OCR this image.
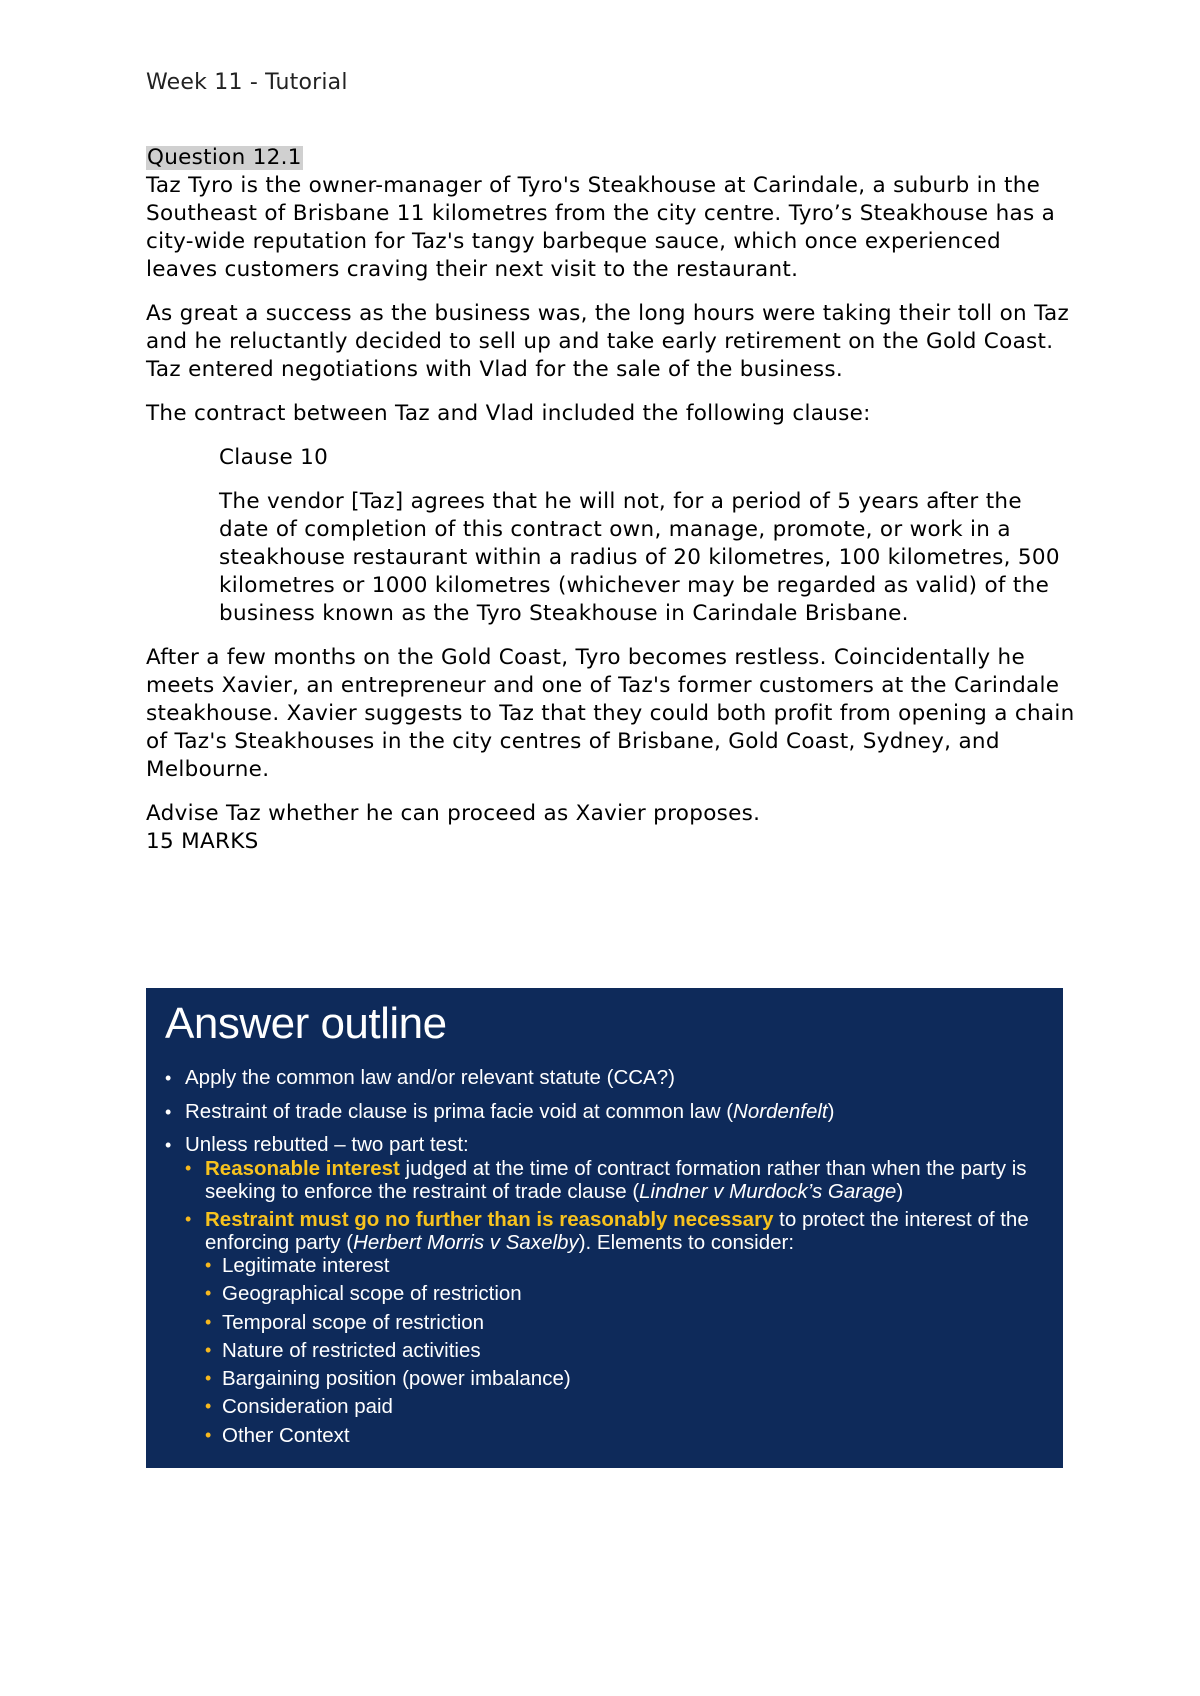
Week 11 - Tutorial
Question 12.1

Taz Tyro is the owner-manager of Tyro's Steakhouse at Carindale, a suburb in the Southeast of Brisbane 11 kilometres from the city centre. Tyro’s Steakhouse has a city-wide reputation for Taz's tangy barbeque sauce, which once experienced leaves customers craving their next visit to the restaurant.

As great a success as the business was, the long hours were taking their toll on Taz and he reluctantly decided to sell up and take early retirement on the Gold Coast. Taz entered negotiations with Vlad for the sale of the business.

The contract between Taz and Vlad included the following clause:

Clause 10

The vendor [Taz] agrees that he will not, for a period of 5 years after the date of completion of this contract own, manage, promote, or work in a steakhouse restaurant within a radius of 20 kilometres, 100 kilometres, 500 kilometres or 1000 kilometres (whichever may be regarded as valid) of the business known as the Tyro Steakhouse in Carindale Brisbane.

After a few months on the Gold Coast, Tyro becomes restless. Coincidentally he meets Xavier, an entrepreneur and one of Taz's former customers at the Carindale steakhouse. Xavier suggests to Taz that they could both profit from opening a chain of Taz's Steakhouses in the city centres of Brisbane, Gold Coast, Sydney, and Melbourne.

Advise Taz whether he can proceed as Xavier proposes.
15 MARKS
Answer outline
• Apply the common law and/or relevant statute (CCA?)
• Restraint of trade clause is prima facie void at common law (Nordenfelt)
• Unless rebutted – two part test:
• Reasonable interest judged at the time of contract formation rather than when the party is seeking to enforce the restraint of trade clause (Lindner v Murdock’s Garage)
• Restraint must go no further than is reasonably necessary to protect the interest of the enforcing party (Herbert Morris v Saxelby). Elements to consider:
• Legitimate interest
• Geographical scope of restriction
• Temporal scope of restriction
• Nature of restricted activities
• Bargaining position (power imbalance)
• Consideration paid
• Other Context
